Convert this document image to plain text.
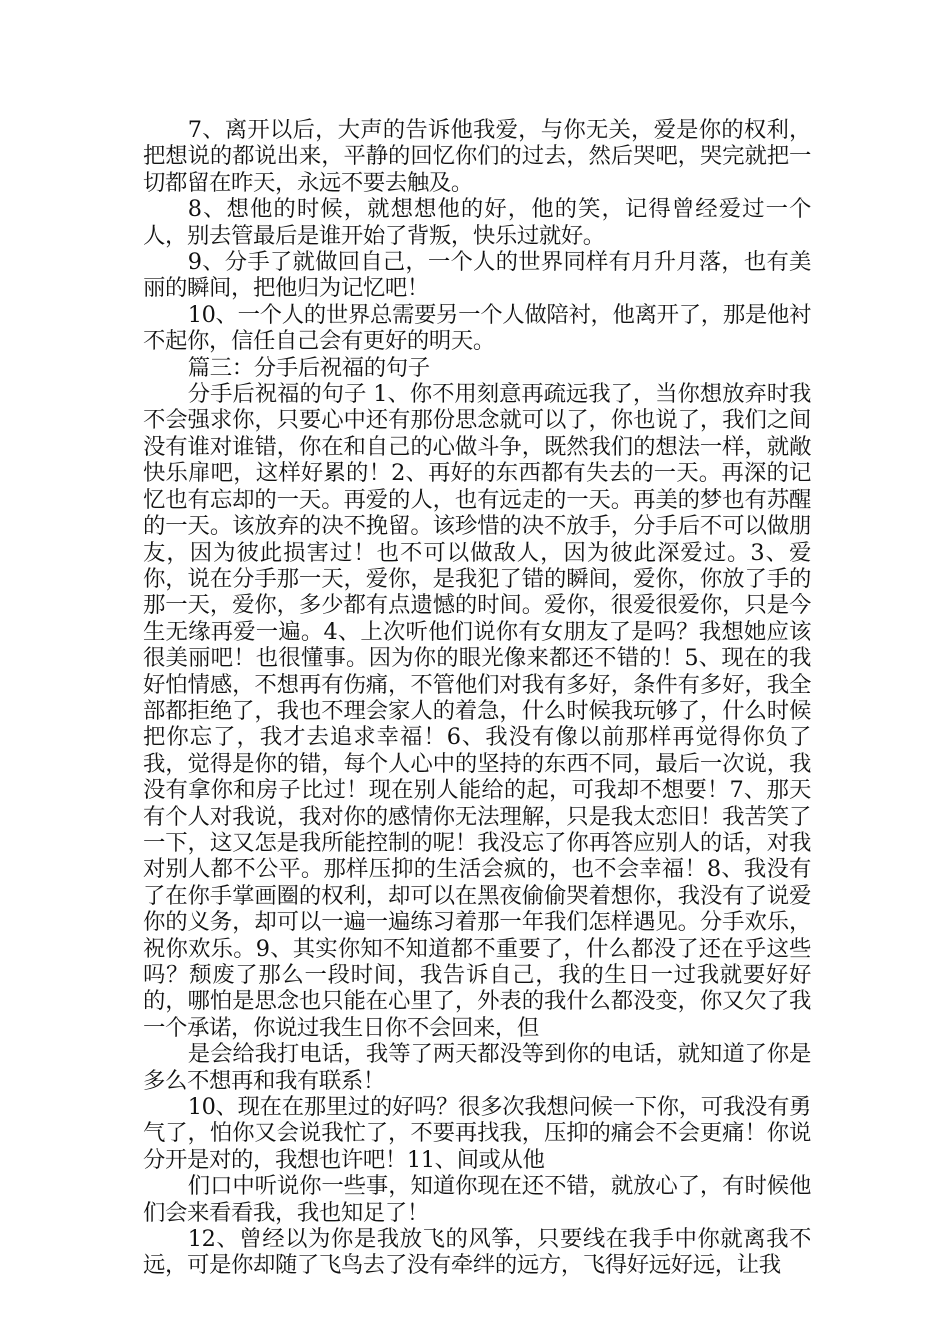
7、离开以后，大声的告诉他我爱，与你无关，爱是你的权利，把想说的都说出来，平静的回忆你们的过去，然后哭吧，哭完就把一切都留在昨天，永远不要去触及。

8、想他的时候，就想想他的好，他的笑，记得曾经爱过一个人，别去管最后是谁开始了背叛，快乐过就好。

9、分手了就做回自己，一个人的世界同样有月升月落，也有美丽的瞬间，把他归为记忆吧！

10、一个人的世界总需要另一个人做陪衬，他离开了，那是他衬不起你，信任自己会有更好的明天。

篇三：分手后祝福的句子

分手后祝福的句子 1、你不用刻意再疏远我了，当你想放弃时我不会强求你，只要心中还有那份思念就可以了，你也说了，我们之间没有谁对谁错，你在和自己的心做斗争，既然我们的想法一样，就敞快乐扉吧，这样好累的！2、再好的东西都有失去的一天。再深的记忆也有忘却的一天。再爱的人，也有远走的一天。再美的梦也有苏醒的一天。该放弃的决不挽留。该珍惜的决不放手，分手后不可以做朋友，因为彼此损害过！也不可以做敌人，因为彼此深爱过。3、爱你，说在分手那一天，爱你，是我犯了错的瞬间，爱你，你放了手的那一天，爱你，多少都有点遗憾的时间。爱你，很爱很爱你，只是今生无缘再爱一遍。4、上次听他们说你有女朋友了是吗？我想她应该很美丽吧！也很懂事。因为你的眼光像来都还不错的！5、现在的我好怕情感，不想再有伤痛，不管他们对我有多好，条件有多好，我全部都拒绝了，我也不理会家人的着急，什么时候我玩够了，什么时候把你忘了，我才去追求幸福！6、我没有像以前那样再觉得你负了我，觉得是你的错，每个人心中的坚持的东西不同，最后一次说，我没有拿你和房子比过！现在别人能给的起，可我却不想要！7、那天有个人对我说，我对你的感情你无法理解，只是我太恋旧！我苦笑了一下，这又怎是我所能控制的呢！我没忘了你再答应别人的话，对我对别人都不公平。那样压抑的生活会疯的，也不会幸福！8、我没有了在你手掌画圈的权利，却可以在黑夜偷偷哭着想你，我没有了说爱你的义务，却可以一遍一遍练习着那一年我们怎样遇见。分手欢乐，祝你欢乐。9、其实你知不知道都不重要了，什么都没了还在乎这些吗？颓废了那么一段时间，我告诉自己，我的生日一过我就要好好的，哪怕是思念也只能在心里了，外表的我什么都没变，你又欠了我一个承诺，你说过我生日你不会回来，但

是会给我打电话，我等了两天都没等到你的电话，就知道了你是多么不想再和我有联系！

10、现在在那里过的好吗？很多次我想问候一下你，可我没有勇气了，怕你又会说我忙了，不要再找我，压抑的痛会不会更痛！你说分开是对的，我想也许吧！11、间或从他

们口中听说你一些事，知道你现在还不错，就放心了，有时候他们会来看看我，我也知足了！

12、曾经以为你是我放飞的风筝，只要线在我手中你就离我不远，可是你却随了飞鸟去了没有牵绊的远方，飞得好远好远，让我
